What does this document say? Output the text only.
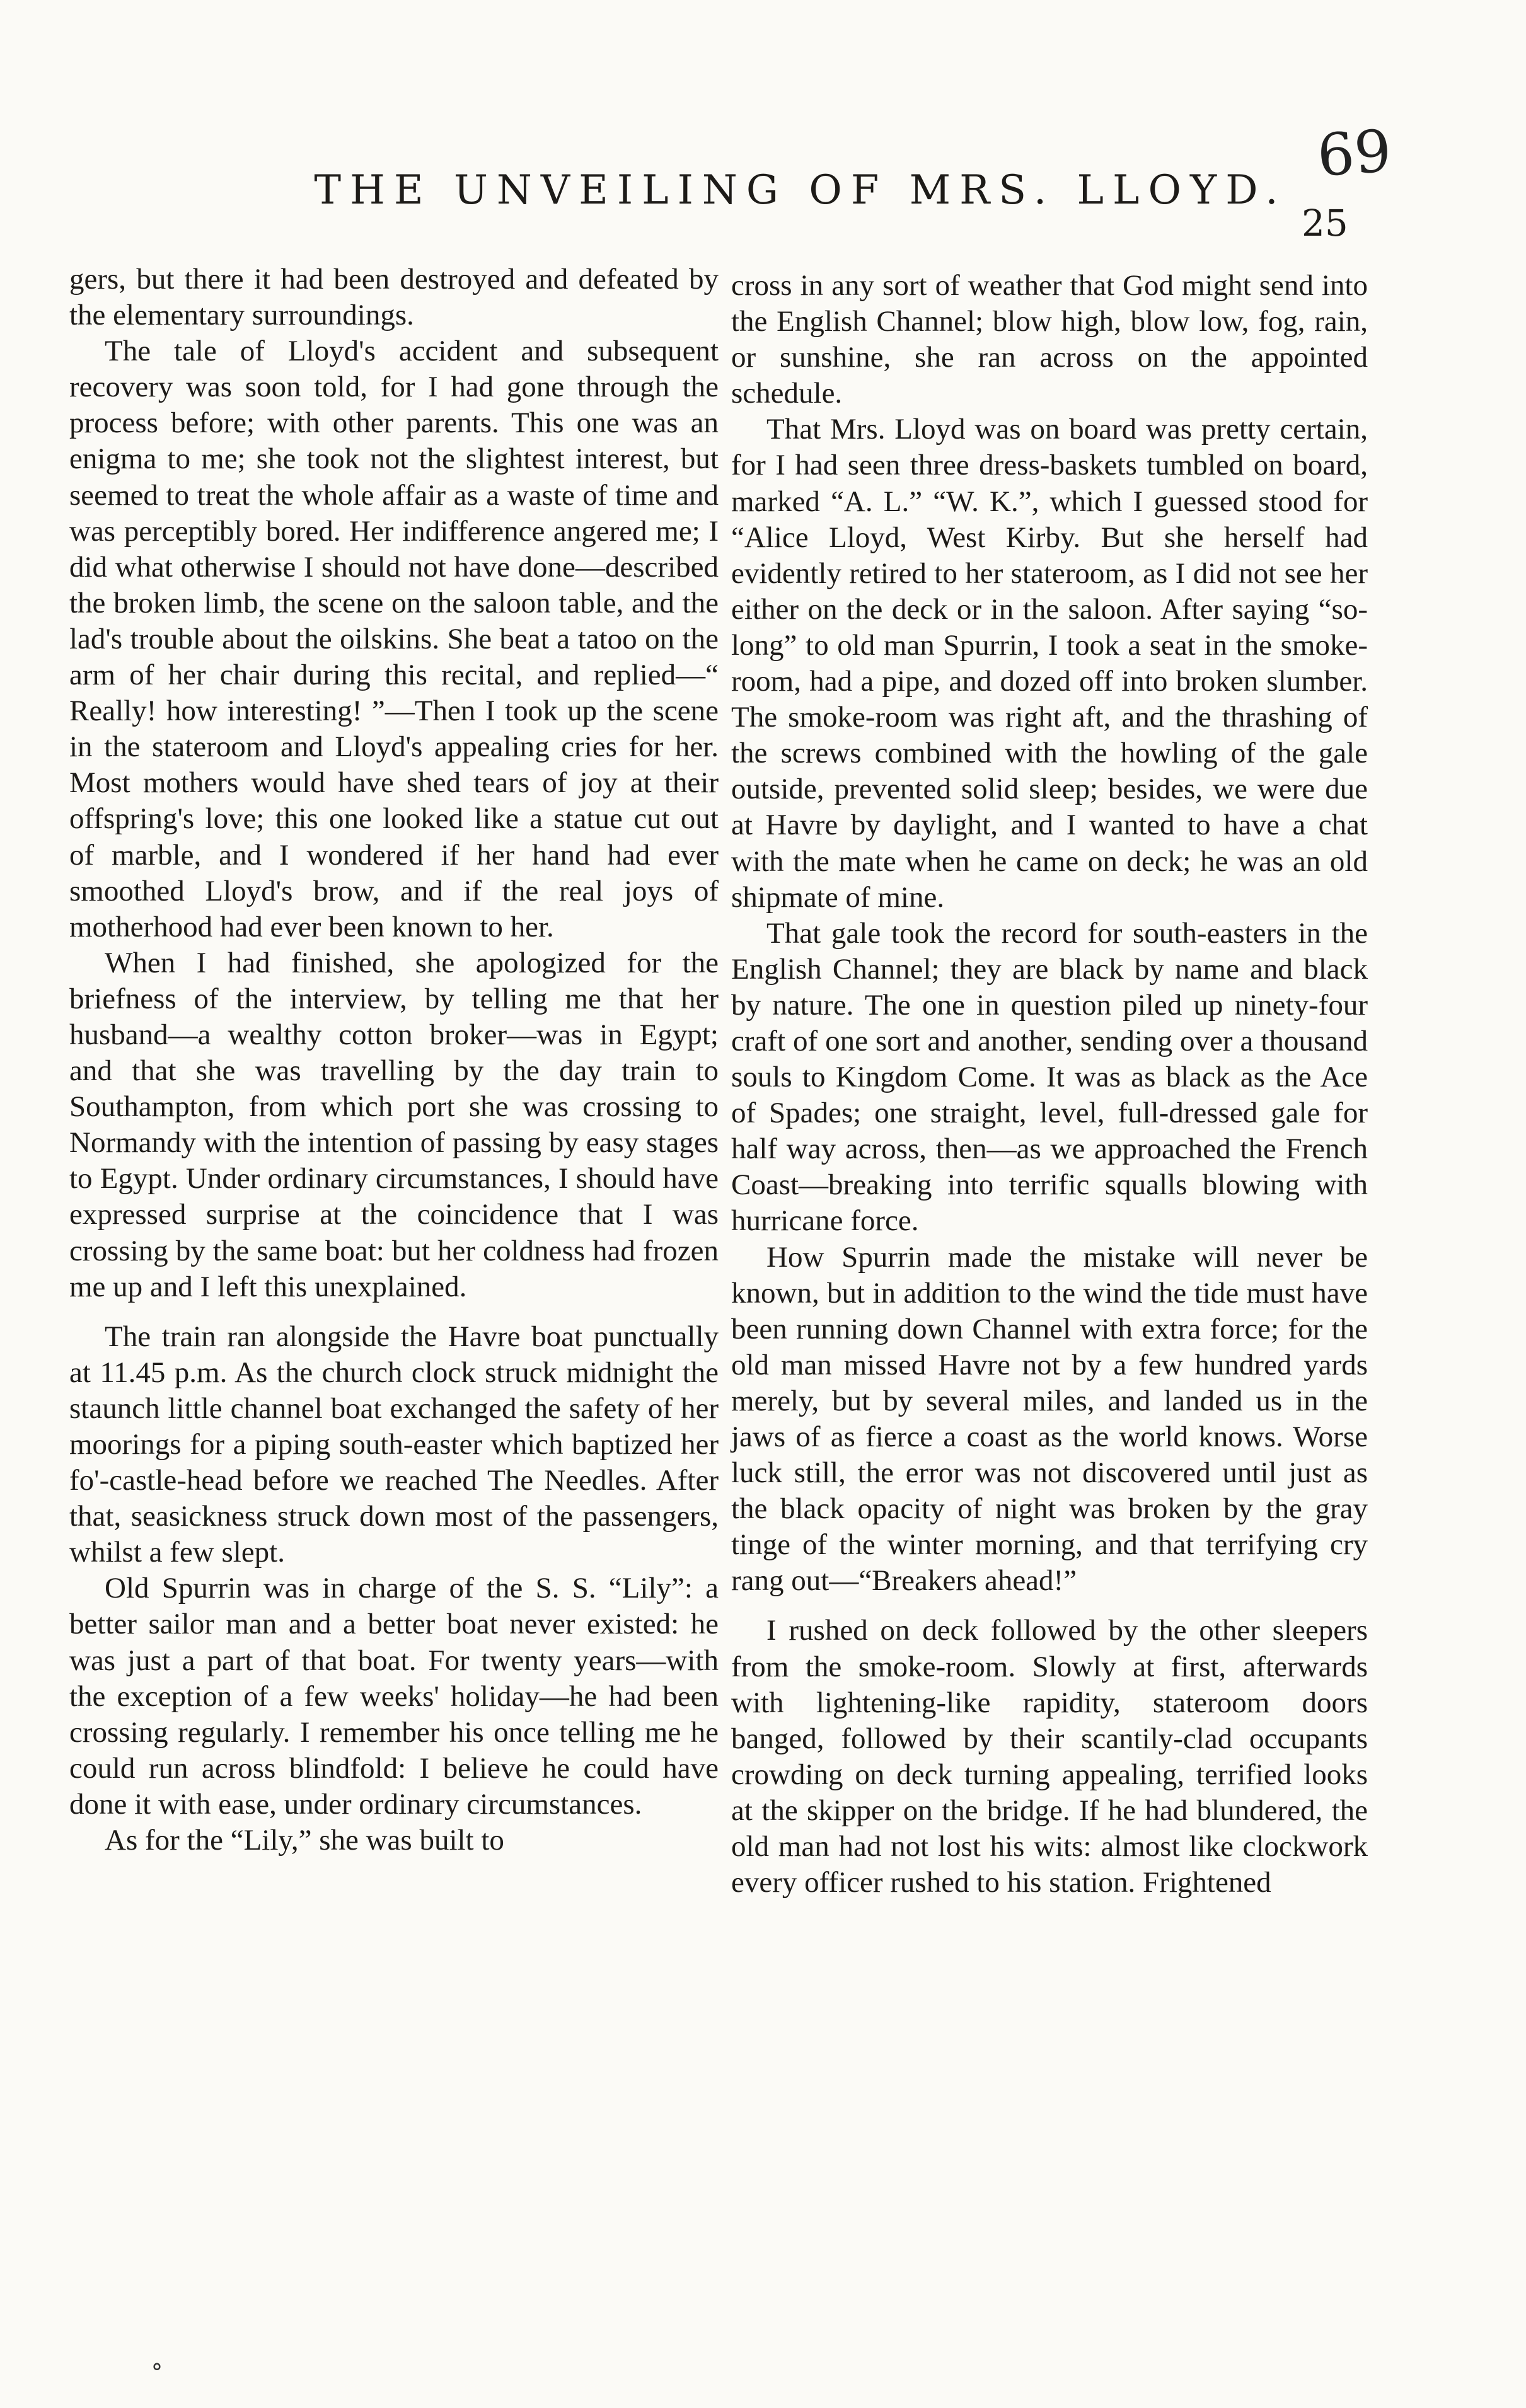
69
THE UNVEILING OF MRS. LLOYD.
25

gers, but there it had been destroyed and defeated by the elementary surroundings.

The tale of Lloyd's accident and subsequent recovery was soon told, for I had gone through the process before; with other parents. This one was an enigma to me; she took not the slightest interest, but seemed to treat the whole affair as a waste of time and was perceptibly bored. Her indifference angered me; I did what otherwise I should not have done—described the broken limb, the scene on the saloon table, and the lad's trouble about the oilskins. She beat a tatoo on the arm of her chair during this recital, and replied—“ Really! how interesting! ”—Then I took up the scene in the stateroom and Lloyd's appealing cries for her. Most mothers would have shed tears of joy at their offspring's love; this one looked like a statue cut out of marble, and I wondered if her hand had ever smoothed Lloyd's brow, and if the real joys of motherhood had ever been known to her.

When I had finished, she apologized for the briefness of the interview, by telling me that her husband—a wealthy cotton broker—was in Egypt; and that she was travelling by the day train to Southampton, from which port she was crossing to Normandy with the intention of passing by easy stages to Egypt. Under ordinary circumstances, I should have expressed surprise at the coincidence that I was crossing by the same boat: but her coldness had frozen me up and I left this unexplained.

The train ran alongside the Havre boat punctually at 11.45 p.m. As the church clock struck midnight the staunch little channel boat exchanged the safety of her moorings for a piping south-easter which baptized her fo'-castle-head before we reached The Needles. After that, seasickness struck down most of the passengers, whilst a few slept.

Old Spurrin was in charge of the S. S. “Lily”: a better sailor man and a better boat never existed: he was just a part of that boat. For twenty years—with the exception of a few weeks' holiday—he had been crossing regularly. I remember his once telling me he could run across blindfold: I believe he could have done it with ease, under ordinary circumstances.

As for the “Lily,” she was built to

cross in any sort of weather that God might send into the English Channel; blow high, blow low, fog, rain, or sunshine, she ran across on the appointed schedule.

That Mrs. Lloyd was on board was pretty certain, for I had seen three dress-baskets tumbled on board, marked “A. L.” “W. K.”, which I guessed stood for “Alice Lloyd, West Kirby. But she herself had evidently retired to her stateroom, as I did not see her either on the deck or in the saloon. After saying “so-long” to old man Spurrin, I took a seat in the smoke-room, had a pipe, and dozed off into broken slumber. The smoke-room was right aft, and the thrashing of the screws combined with the howling of the gale outside, prevented solid sleep; besides, we were due at Havre by daylight, and I wanted to have a chat with the mate when he came on deck; he was an old shipmate of mine.

That gale took the record for south-easters in the English Channel; they are black by name and black by nature. The one in question piled up ninety-four craft of one sort and another, sending over a thousand souls to Kingdom Come. It was as black as the Ace of Spades; one straight, level, full-dressed gale for half way across, then—as we approached the French Coast—breaking into terrific squalls blowing with hurricane force.

How Spurrin made the mistake will never be known, but in addition to the wind the tide must have been running down Channel with extra force; for the old man missed Havre not by a few hundred yards merely, but by several miles, and landed us in the jaws of as fierce a coast as the world knows. Worse luck still, the error was not discovered until just as the black opacity of night was broken by the gray tinge of the winter morning, and that terrifying cry rang out—“Breakers ahead!”

I rushed on deck followed by the other sleepers from the smoke-room. Slowly at first, afterwards with lightening-like rapidity, stateroom doors banged, followed by their scantily-clad occupants crowding on deck turning appealing, terrified looks at the skipper on the bridge. If he had blundered, the old man had not lost his wits: almost like clockwork every officer rushed to his station. Frightened

°
